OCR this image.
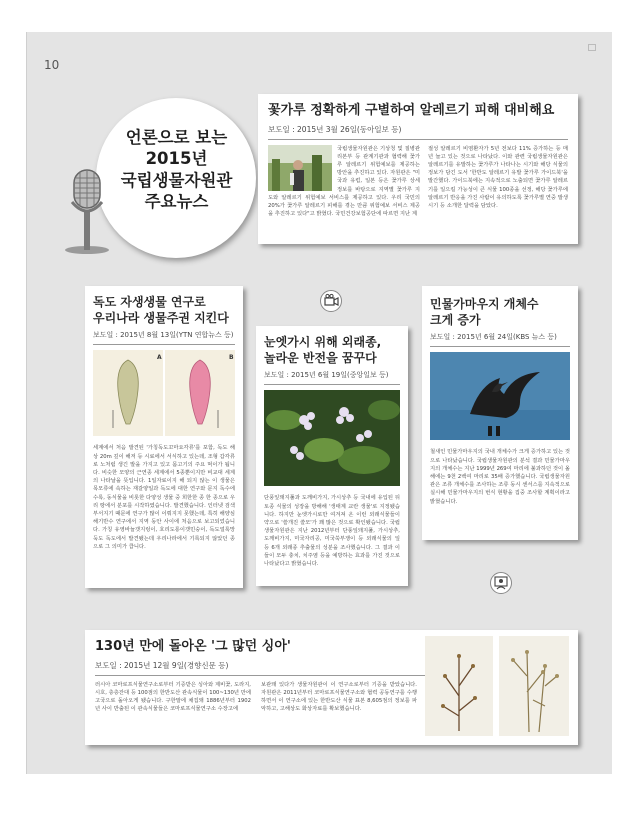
10
언론으로 보는
2015년
국립생물자원관
주요뉴스
꽃가루 정확하게 구별하여 알레르기 피해 대비해요
보도일 : 2015년 3월 26일(동아일보 등)
국립생물자원관은 기상청 및 질병관리본부 등 관계기관과 협력해 꽃가루 알레르기 위험예보를 제공하는 방안을 추진하고 있다. 자원관은 "미국과 유럽, 일본 등은 꽃가루 상세 정보를 바탕으로 지역별 꽃가루 지도와 알레르기 위험예보 서비스를 제공하고 있다. 우리 국민의 20%가 꽃가루 알레르기 피해를 겪는 만큼 위험예보 서비스 제공을 추진하고 있다"고 밝혔다. 국민건강보험공단에 따르면 지난 계
절성 알레르기 비염환자가 5년 전보다 11% 증가하는 등 매년 늘고 있는 것으로 나타났다. 이와 관련 국립생물자원관은 알레르기를 유발하는 꽃가루가 나타나는 시기와 해당 식물의 정보가 담긴 도서 '한반도 알레르기 유발 꽃가루 가이드북'을 발간했다. 가이드북에는 지속적으로 노출되면 꽃가루 알레르기를 일으킬 가능성이 큰 식물 100종을 선정, 해당 꽃가루에 알레르기 반응을 가진 사람이 유의하도록 꽃가루별 연중 발생 시기 등 소개한 달력을 담았다.
독도 자생생물 연구로
우리나라 생물주권 지킨다
보도일 : 2015년 8월 13일(YTN 연합뉴스 등)
A	B
세계에서 처음 발견된 '가칭독도꼬마요각류'를 포함, 독도 해상 20m 깊이 해저 등 시료에서 서식하고 있는데, 조형 갑각류로 노처럼 생긴 발을 가지고 있고 몸고기의 주요 먹이가 됩니다. 비슷한 모양의 근연종 세계에서 5종뿐이지만 비교대 세계의 나타날을 뜻입니다. 1일자료이지 해 되지 않는 이 생물은 목모류에 속하는 재갈양일과 독도에 대한 연구와 문지 독수에 수록, 동식물을 비롯한 다양성 생물 중 희한한 종 한 종으로 우리 땅에서 분포를 시작하였습니다. 발견했습니다. 인터넷 검색 부서지기 때문에 연구가 많이 이뤄지지 못했는데, 특히 해양심해기반수 연구에서 지역 동안 사이에 처음으로 보고되었습니다. 가칭 유영바늘갯지렁이, 호리도롱이갯민숭이, 독도얼룩망둑도 독도에서 발견됐는데 우리나라에서 기록되지 않았던 종으로 그 의미가 큽니다.
눈엣가시 위해 외래종,
놀라운 반전을 꿈꾸다
보도일 : 2015년 6월 19일(중앙일보 등)
단풍잎돼지풀과 도깨비가지, 가시상추 등 국내에 유입된 뒤 토종 식물의 성장을 방해해 '생태계 교란 생물'로 지정됐습니다. 하지만 눈엣가시로만 여겨져 온 이런 외래식물들이 약으로 '쓸개진 쓸모'가 꽤 많은 것으로 확인됐습니다. 국립생물자원관은 지난 2012년부터 단풍잎돼지풀, 가시상추, 도깨비가지, 미국자리공, 미국쑥부쟁이 등 외래식물의 잎 등 6개 외래종 추출물의 성분을 조사했습니다. 그 결과 이들이 모두 충치, 치주염 등을 예방하는 효과를 가진 것으로 나타났다고 밝혔습니다.
민물가마우지 개체수
크게 증가
보도일 : 2015년 6월 24일(KBS 뉴스 등)
철새인 민물가마우지의 국내 개체수가 크게 증가하고 있는 것으로 나타났습니다. 국립생물자원관의 분석 결과 민물가마우지의 개체수는 지난 1999년 269여 마리에 불과하던 것이 올해에는 9천 2백여 마리로 35배 증가했습니다. 국립생물자원관은 조류 개체수를 조사하는 조류 동시 센서스를 지속적으로 실시해 민물가마우지의 번식 현황을 집중 조사할 계획이라고 밝혔습니다.
130년 만에 돌아온 '그 많던 싱아'
보도일 : 2015년 12월 9일(경향신문 등)
러시아 코마로프식물연구소로부터 기증받은 싱아와 제비꽃, 도라지, 시호, 층층잔대 등 100점의 한반도산 관속식물이 100~130년 만에 고국으로 돌아오게 됐습니다. 구한말에 채집돼 1886년부터 1902년 사이 반출된 이 관속식물들은 코마로프식물연구소 수장고에
보관돼 있다가 생물자원관이 이 연구소로부터 기증을 받았습니다. 자원관은 2011년부터 코마로프식물연구소와 협력 공동연구를 수행하면서 이 연구소에 있는 한반도산 식물 표본 8,605점의 정보를 파악하고, 고해상도 화상자료를 확보했습니다.
